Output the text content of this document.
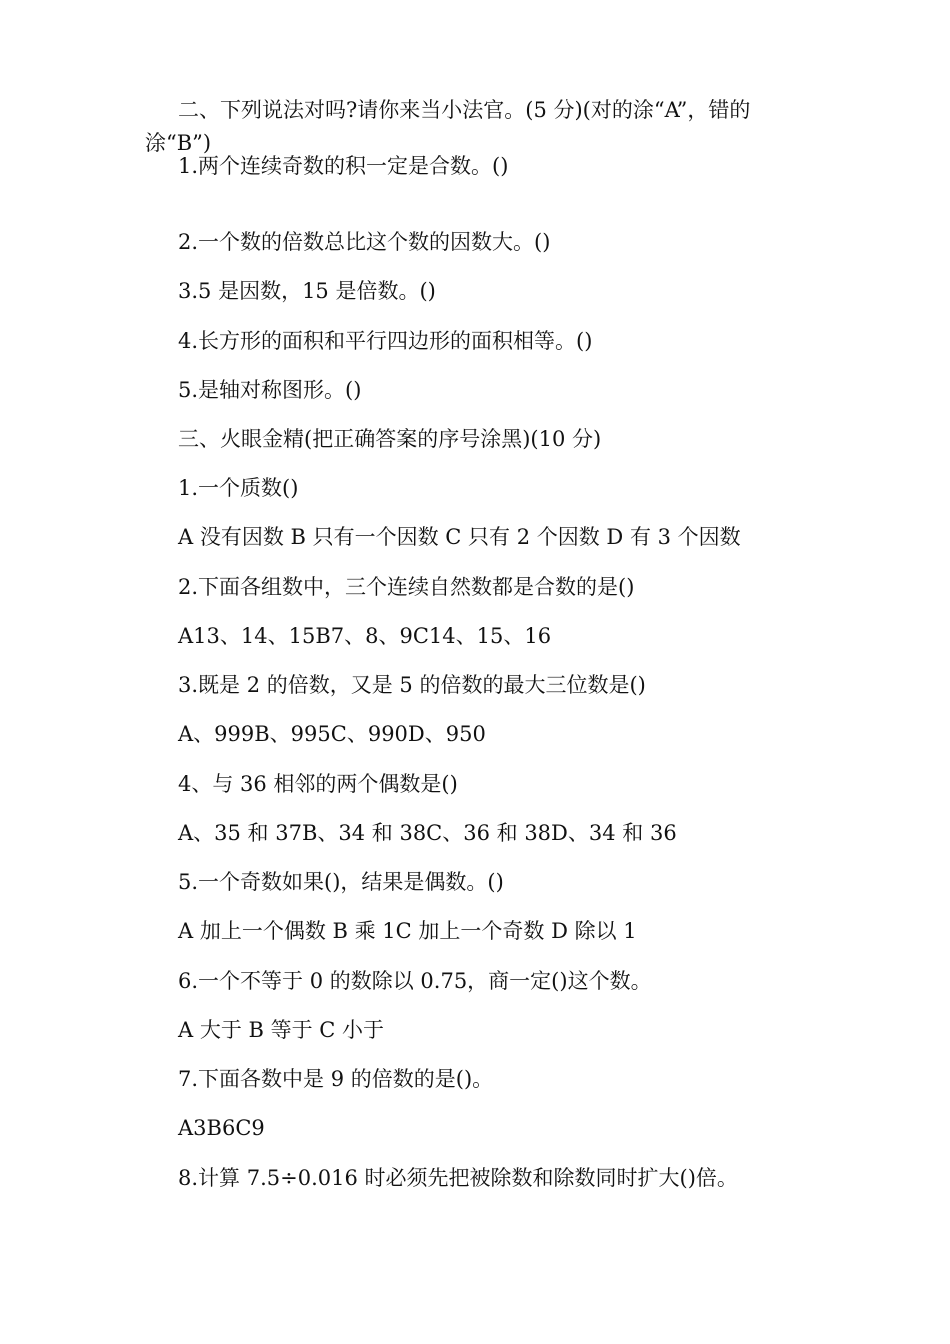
二、下列说法对吗?请你来当小法官。(5 分)(对的涂“A”，错的涂“B”)
1.两个连续奇数的积一定是合数。()
2.一个数的倍数总比这个数的因数大。()
3.5 是因数，15 是倍数。()
4.长方形的面积和平行四边形的面积相等。()
5.是轴对称图形。()
三、火眼金精(把正确答案的序号涂黑)(10 分)
1.一个质数()
A 没有因数 B 只有一个因数 C 只有 2 个因数 D 有 3 个因数
2.下面各组数中，三个连续自然数都是合数的是()
A13、14、15B7、8、9C14、15、16
3.既是 2 的倍数，又是 5 的倍数的最大三位数是()
A、999B、995C、990D、950
4、与 36 相邻的两个偶数是()
A、35 和 37B、34 和 38C、36 和 38D、34 和 36
5.一个奇数如果()，结果是偶数。()
A 加上一个偶数 B 乘 1C 加上一个奇数 D 除以 1
6.一个不等于 0 的数除以 0.75，商一定()这个数。
A 大于 B 等于 C 小于
7.下面各数中是 9 的倍数的是()。
A3B6C9
8.计算 7.5÷0.016 时必须先把被除数和除数同时扩大()倍。
